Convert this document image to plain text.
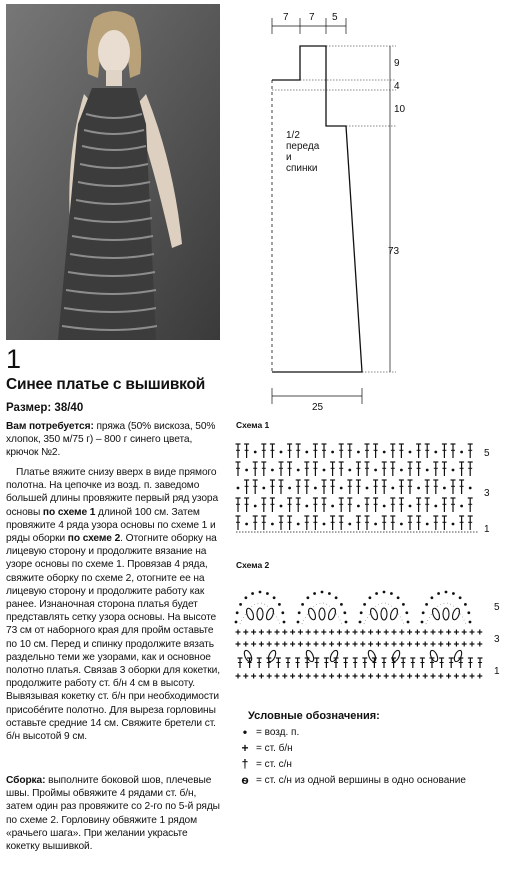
1
Синее платье с вышивкой
Размер: 38/40
Вам потребуется: пряжа (50% вискоза, 50% хлопок, 350 м/75 г) – 800 г синего цвета, крючок №2.
Платье вяжите снизу вверх в виде прямого полотна. На цепочке из возд. п. заведомо большей длины провяжите первый ряд узора основы по схеме 1 длиной 100 см. Затем провяжите 4 ряда узора основы по схеме 1 и ряды оборки по схеме 2. Отогните оборку на лицевую сторону и продолжите вязание на узоре основы по схеме 1. Провязав 4 ряда, свяжите оборку по схеме 2, отогните ее на лицевую сторону и продолжите работу как ранее. Изнаночная сторона платья будет представлять сетку узора основы. На высоте 73 см от наборного края для пройм оставьте по 10 см. Перед и спинку продолжите вязать раздельно теми же узорами, как и основное полотно платья. Связав 3 оборки для кокетки, продолжите работу ст. б/н 4 см в высоту. Вывязывая кокетку ст. б/н при необходимости присобérите полотно. Для выреза горловины оставьте средние 14 см. Свяжите бретели ст. б/н высотой 9 см.
Сборка: выполните боковой шов, плечевые швы. Проймы обвяжите 4 рядами ст. б/н, затем один раз провяжите со 2-го по 5-й ряды по схеме 2. Горловину обвяжите 1 рядом «рачьего шага». При желании украсьте кокетку вышивкой.
7 7 5
9
4
10
73
25
1/2
переда
и
спинки
Схема 1
5
3
1
Схема 2
5
3
1
Условные обозначения:
• = возд. п.
+ = ст. б/н
† = ст. с/н
ѳ = ст. с/н из одной вершины в одно основание
